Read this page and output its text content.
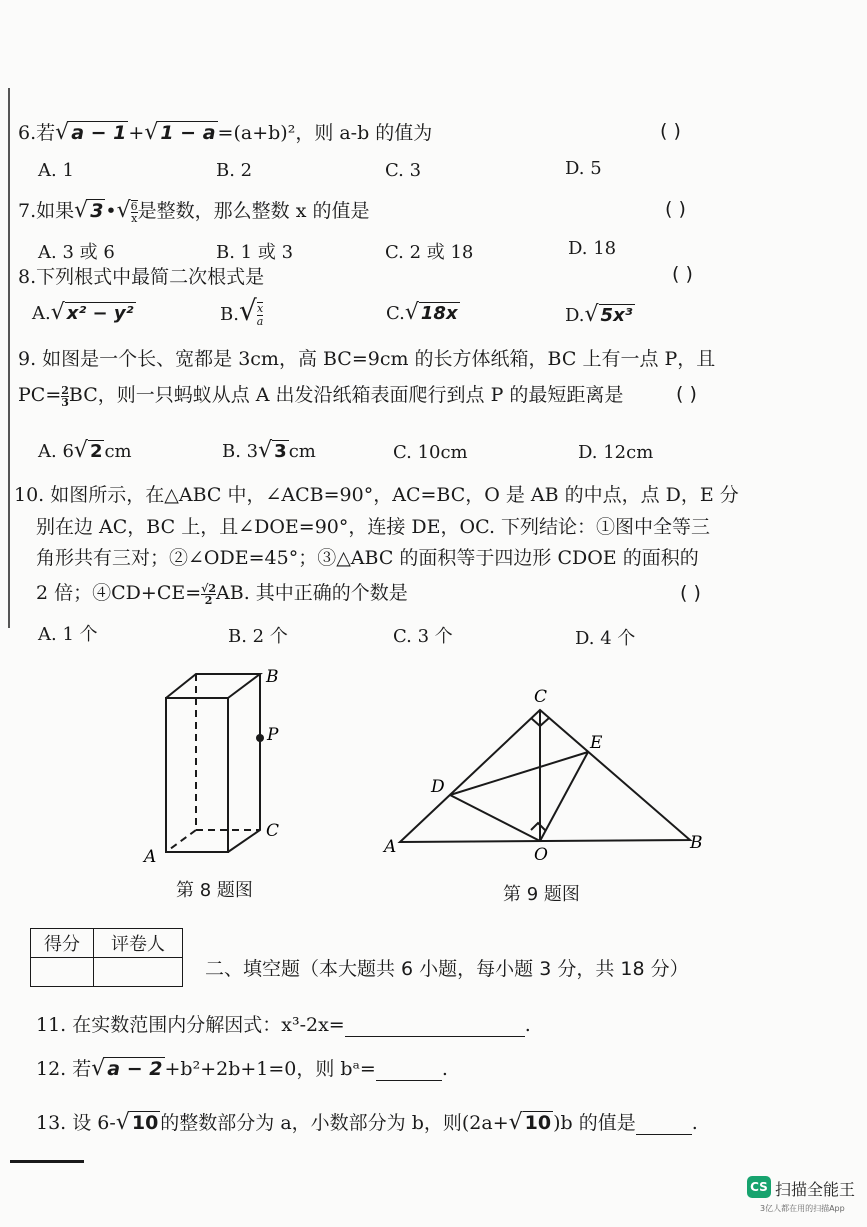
6.若√ a − 1 +√ 1 − a =(a+b)²，则 a-b 的值为	( )
A. 1	B. 2	C. 3	D. 5
7.如果√ 3 •√ $\frac{6}{x}$ 是整数，那么整数 x 的值是	( )
A. 3 或 6	B. 1 或 3	C. 2 或 18	D. 18
8.下列根式中最简二次根式是	( )
A.√ x² − y²	$B.√ \frac{x}{a}$	C.√ 18x	D.√ 5x³
9. 如图是一个长、宽都是 3cm，高 BC=9cm 的长方体纸箱，BC 上有一点 P，且
$PC= \frac{2}{3}$ BC，则一只蚂蚁从点 A 出发沿纸箱表面爬行到点 P 的最短距离是	( )
A. 6√ 2 cm	B. 3√ 3 cm	C. 10cm	D. 12cm
10. 如图所示，在△ABC 中，∠ACB=90°，AC=BC，O 是 AB 的中点，点 D，E 分
别在边 AC，BC 上，且∠DOE=90°，连接 DE，OC. 下列结论：①图中全等三
角形共有三对；②∠ODE=45°；③△ABC 的面积等于四边形 CDOE 的面积的
2 倍；④CD+CE= $\frac{√2}{2}$ AB. 其中正确的个数是	( )
A. 1 个	B. 2 个	C. 3 个	D. 4 个
B
P
C
A
第 8 题图
C
E
D
A	O
B
第 9 题图
得分	评卷人

二、填空题（本大题共 6 小题，每小题 3 分，共 18 分）
11. 在实数范围内分解因式：x³-2x=	.
12. 若√ a − 2 +b²+2b+1=0，则 bᵃ=	.
13. 设 6-√ 10 的整数部分为 a，小数部分为 b，则(2a+√ 10 )b 的值是	.
CS 扫描全能王
3亿人都在用的扫描App
